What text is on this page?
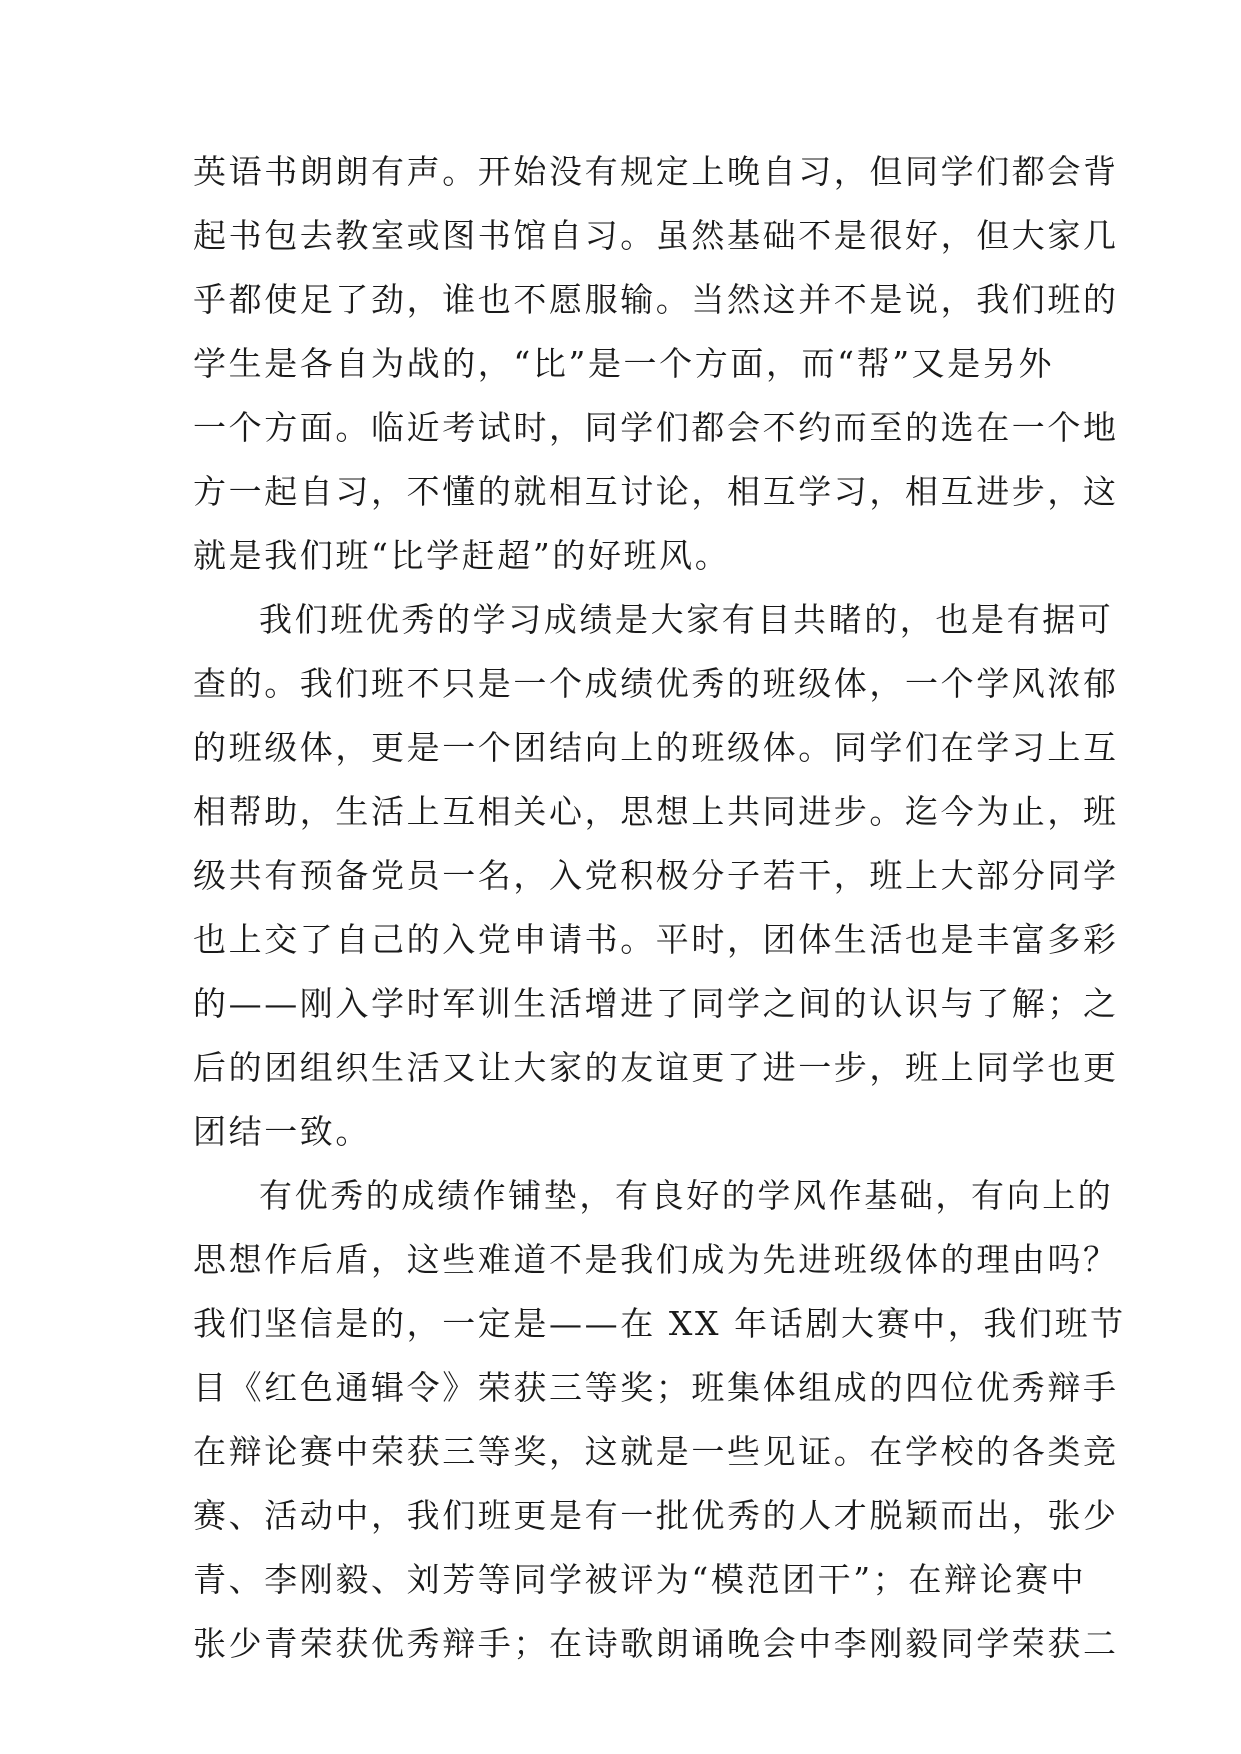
英语书朗朗有声。开始没有规定上晚自习，但同学们都会背
起书包去教室或图书馆自习。虽然基础不是很好，但大家几
乎都使足了劲，谁也不愿服输。当然这并不是说，我们班的
学生是各自为战的，“比”是一个方面，而“帮”又是另外
一个方面。临近考试时，同学们都会不约而至的选在一个地
方一起自习，不懂的就相互讨论，相互学习，相互进步，这
就是我们班“比学赶超”的好班风。
我们班优秀的学习成绩是大家有目共睹的，也是有据可
查的。我们班不只是一个成绩优秀的班级体，一个学风浓郁
的班级体，更是一个团结向上的班级体。同学们在学习上互
相帮助，生活上互相关心，思想上共同进步。迄今为止，班
级共有预备党员一名，入党积极分子若干，班上大部分同学
也上交了自己的入党申请书。平时，团体生活也是丰富多彩
的——刚入学时军训生活增进了同学之间的认识与了解；之
后的团组织生活又让大家的友谊更了进一步，班上同学也更
团结一致。
有优秀的成绩作铺垫，有良好的学风作基础，有向上的
思想作后盾，这些难道不是我们成为先进班级体的理由吗？
我们坚信是的，一定是——在 XX 年话剧大赛中，我们班节
目《红色通辑令》荣获三等奖；班集体组成的四位优秀辩手
在辩论赛中荣获三等奖，这就是一些见证。在学校的各类竞
赛、活动中，我们班更是有一批优秀的人才脱颖而出，张少
青、李刚毅、刘芳等同学被评为“模范团干”；在辩论赛中
张少青荣获优秀辩手；在诗歌朗诵晚会中李刚毅同学荣获二
